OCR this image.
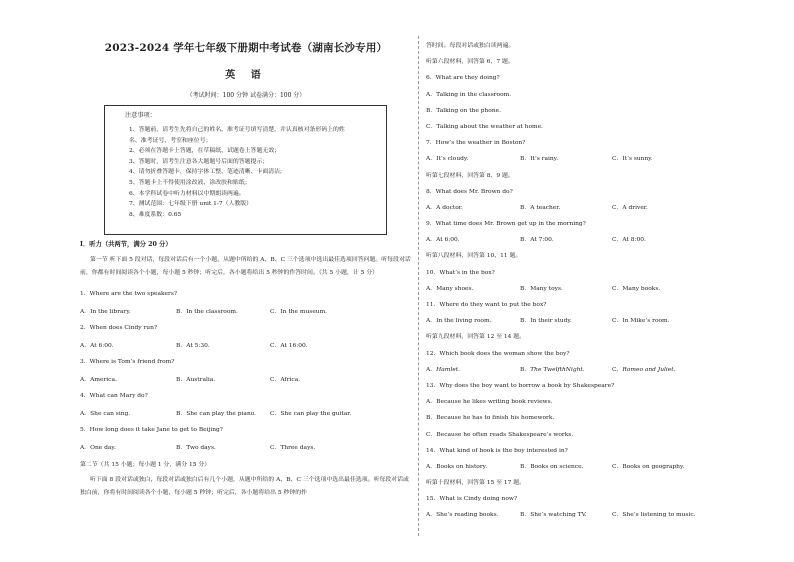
2023-2024 学年七年级下册期中考试卷（湖南长沙专用）
英 语
（考试时间：100 分钟 试卷满分：100 分）
注意事项：
1、答题前，请考生先将自己的姓名、准考证号填写清楚，并认真核对条形码上的姓
名、准考证号、考室和座位号；
2、必须在答题卡上答题，在草稿纸、试题卷上答题无效；
3、答题时，请考生注意各大题题号后面的答题提示；
4、请勿折叠答题卡，保持字体工整、笔迹清晰、卡面清洁;
5、答题卡上不得使用涂改液、涂改胶和贴纸；
6、本学科试卷中听力材料以中期朗读两遍。
7、测试范围：七年级下册 unit 1-7（人教版）
8、难度系数：0.65
Ⅰ．听力（共两节，满分 20 分）
第一节 听下面 5 段对话，每段对话后有一个小题，从题中所给的 A、B、C 三个选项中选出最佳选项回答问题。听每段对话前，你都有时间阅读各个小题，每小题 5 秒钟；听完后，各小题将给出 5 秒钟的作答时间。（共 5 小题，计 5 分）
1．Where are the two speakers?
A．In the library.	B．In the classroom.	C．In the museum.
2．When does Cindy run?
A．At 6:00.	B．At 5:30.	C．At 16:00.
3．Where is Tom’s friend from?
A．America.	B．Australia.	C．Africa.
4．What can Mary do?
A．She can sing.	B．She can play the piano. C．She can play the guitar.
5．How long does it take Jane to get to Beijing?
A．One day.	B．Two days.	C．Three days.
第二节（共 15 小题；每小题 1 分，满分 15 分）
听下面 8 段对话或独白，每段对话或独白后有几个小题，从题中所给的 A、B、C 三个选项中选出最佳选项。听每段对话或独白前，你将有时间阅读各个小题，每小题 5 秒钟；听完后，各小题将给出 5 秒钟的作
答时间。每段对话或独白读两遍。
听第六段材料，回答第 6、7 题。
6．What are they doing?
A．Talking in the classroom.
B．Talking on the phone.
C．Talking about the weather at home.
7．How’s the weather in Boston?
A．It’s cloudy.	B．It’s rainy.	C．It’s sunny.
听第七段材料，回答第 8、9 题。
8．What does Mr. Brown do?
A．A doctor.	B．A teacher.	C．A driver.
9．What time does Mr. Brown get up in the morning?
A．At 6:00.	B．At 7:00.	C．At 8:00.
听第八段材料，回答第 10、11 题。
10．What’s in the box?
A．Many shoes.	B．Many toys.	C．Many books.
11．Where do they want to put the box?
A．In the living room.	B．In their study.	C．In Mike’s room.
听第九段材料，回答第 12 至 14 题。
12．Which book does the woman show the boy?
A．Hamlet.	B．The TwelfthNight.	C．Romeo and Juliet.
13．Why does the boy want to borrow a book by Shakespeare?
A．Because he likes writing book reviews.
B．Because he has to finish his homework.
C．Because he often reads Shakespeare’s works.
14．What kind of book is the boy interested in?
A．Books on history.	B．Books on science.	C．Books on geography.
听第十段材料，回答第 15 至 17 题。
15．What is Cindy doing now?
A．She’s reading books.	B．She’s watching TV.	C．She’s listening to music.
